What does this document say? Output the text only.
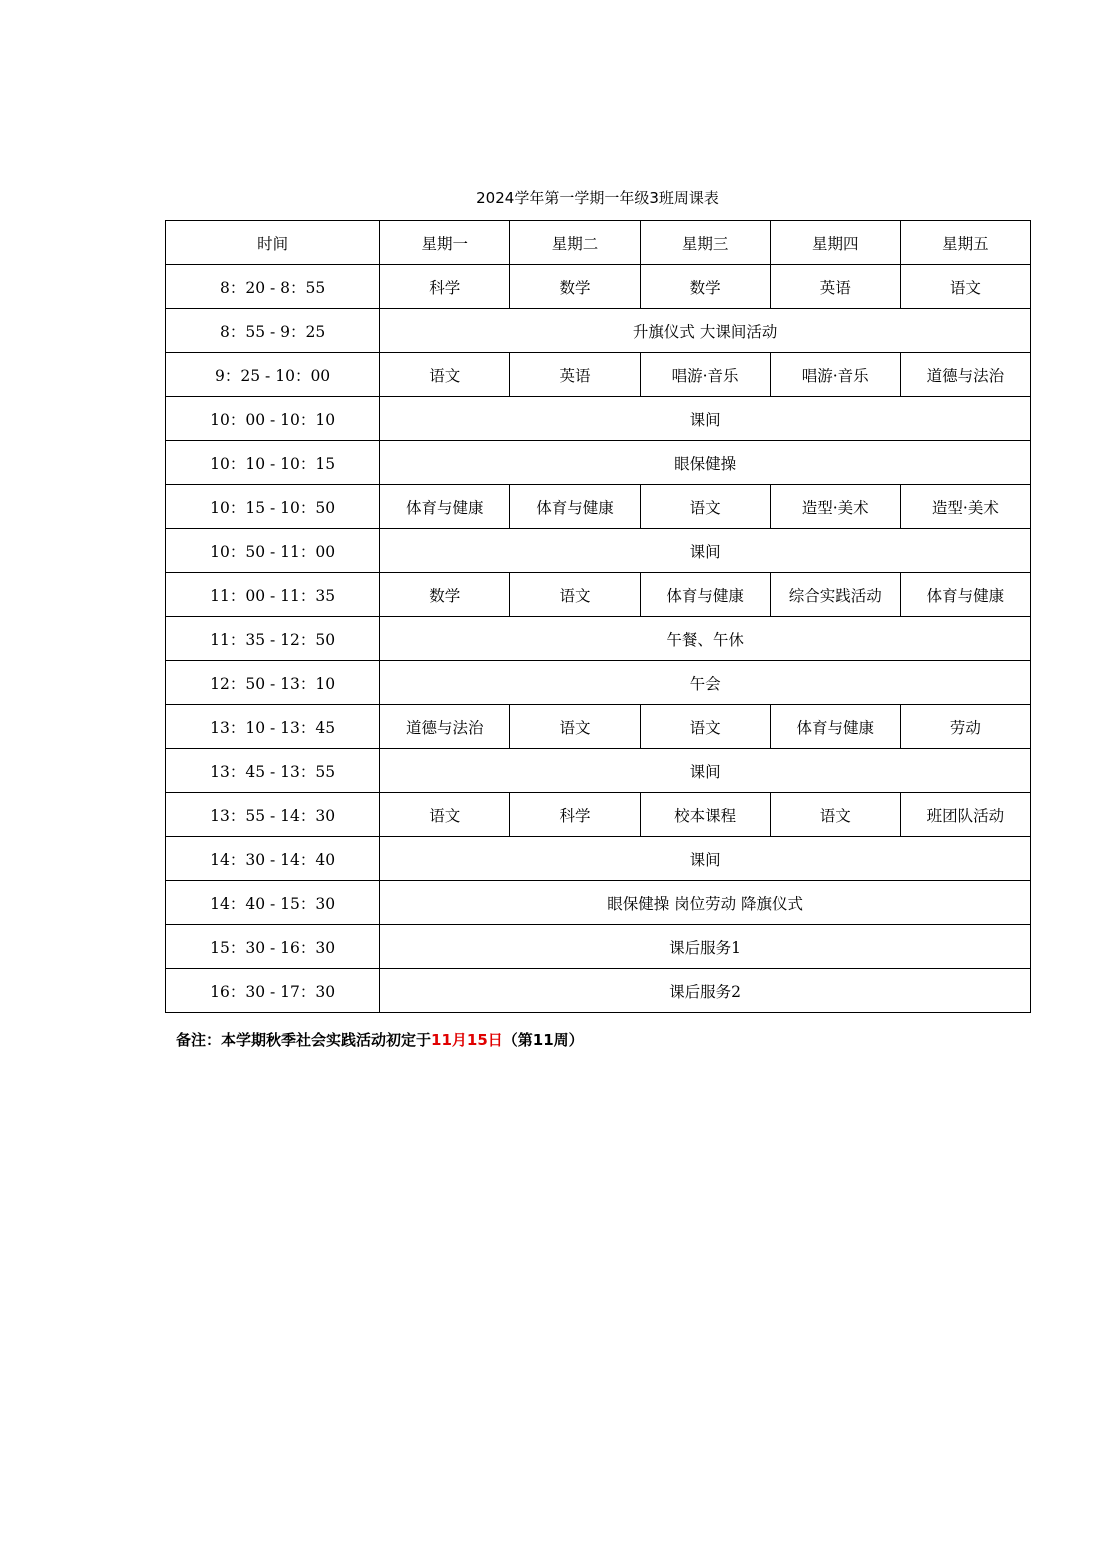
2024学年第一学期一年级3班周课表
时间	星期一	星期二	星期三	星期四	星期五
8：20 - 8：55	科学	数学	数学	英语	语文
8：55 - 9：25	升旗仪式 大课间活动				
9：25 - 10：00	语文	英语	唱游·音乐	唱游·音乐	道德与法治
10：00 - 10：10	课间				
10：10 - 10：15	眼保健操				
10：15 - 10：50	体育与健康	体育与健康	语文	造型·美术	造型·美术
10：50 - 11：00	课间				
11：00 - 11：35	数学	语文	体育与健康	综合实践活动	体育与健康
11：35 - 12：50	午餐、午休				
12：50 - 13：10	午会				
13：10 - 13：45	道德与法治	语文	语文	体育与健康	劳动
13：45 - 13：55	课间				
13：55 - 14：30	语文	科学	校本课程	语文	班团队活动
14：30 - 14：40	课间				
14：40 - 15：30	眼保健操 岗位劳动 降旗仪式				
15：30 - 16：30	课后服务1				
16：30 - 17：30	课后服务2				
备注：本学期秋季社会实践活动初定于11月15日（第11周）
